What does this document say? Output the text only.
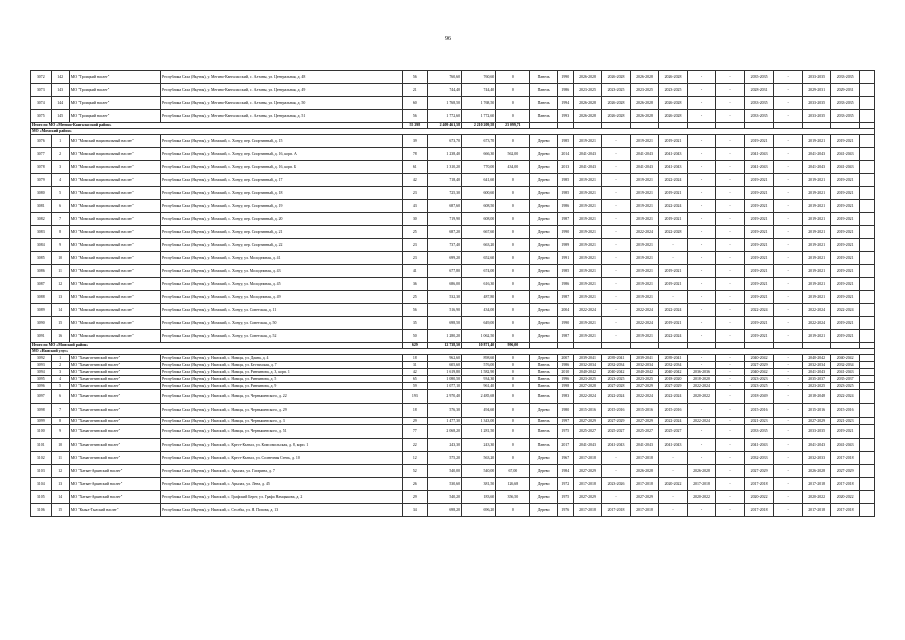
96
3072	142	МО "Троицкий наслег"	Республика Саха (Якутия), у. Мегино-Кангаласский, с. Алтаны, ул. Центральная, д. 48	56	760,60	760,60	0	Панель	1990	2026-2028	2026-2028	2026-2028	2026-2028	-	-	2035-2035	-	2033-2035	2033-2035	
3073	143	МО "Троицкий наслег"	Республика Саха (Якутия), у. Мегино-Кангаласский, с. Алтаны, ул. Центральная, д. 49	21	744,40	744,40	0	Панель	1986	2023-2025	2023-2025	2023-2025	2023-2025	-	-	2028-2031	-	2029-2031	2029-2031	
3074	144	МО "Троицкий наслег"	Республика Саха (Якутия), у. Мегино-Кангаласский, с. Алтаны, ул. Центральная, д. 50	60	1 768,50	1 768,50	0	Панель	1994	2026-2028	2026-2028	2026-2028	2026-2028	-	-	2033-2035	-	2033-2035	2033-2035	
3075	145	МО "Троицкий наслег"	Республика Саха (Якутия), у. Мегино-Кангаласский, с. Алтаны, ул. Центральная, д. 51	56	1 772,60	1 772,60	0	Панель	1993	2026-2028	2026-2028	2026-2028	2026-2028	-	-	2033-2035	-	2033-2035	2033-2035	
Итого по МО «Мегино-Кангаласский район»				55 298	2 409 461,58	2 210 209,58	23 099,71													
МО «Момский район»																				
3076	1	МО "Момский национальный наслег"	Республика Саха (Якутия), у. Момский, с. Хонуу, пер. Спортивный, д. 15	39	673,70	673,70	0	Дерево	1985	2019-2021	-	2019-2021	2019-2021	-	-	2019-2021	-	2019-2021	2019-2021	
3077	2	МО "Момский национальный наслег"	Республика Саха (Якутия), у. Момский, с. Хонуу, пер. Спортивный, д. 16, корп. А	78	1 238,40	666,30	562,00	Дерево	2014	2041-2043	-	2041-2043	2041-2043	-	-	2041-2043	-	2041-2043	2041-2043	
3078	3	МО "Момский национальный наслег"	Республика Саха (Якутия), у. Момский, с. Хонуу, пер. Спортивный, д. 16, корп. Б	61	1 310,20	770,00	434,00	Дерево	2013	2041-2043	-	2041-2043	2041-2043	-	-	2041-2043	-	2041-2043	2041-2043	
3079	4	МО "Момский национальный наслег"	Республика Саха (Якутия), у. Момский, с. Хонуу, пер. Спортивный, д. 17	42	718,40	641,60	0	Дерево	1985	2019-2021	-	2019-2021	2022-2024	-	-	2019-2021	-	2019-2021	2019-2021	
3080	5	МО "Момский национальный наслег"	Республика Саха (Якутия), у. Момский, с. Хонуу, пер. Спортивный, д. 18	23	725,30	600,60	0	Дерево	1985	2019-2021	-	2019-2021	2019-2021	-	-	2019-2021	-	2019-2021	2019-2021	
3081	6	МО "Момский национальный наслег"	Республика Саха (Якутия), у. Момский, с. Хонуу, пер. Спортивный, д. 19	43	687,60	608,50	0	Дерево	1986	2019-2021	-	2019-2021	2022-2024	-	-	2019-2021	-	2019-2021	2019-2021	
3082	7	МО "Момский национальный наслег"	Республика Саха (Якутия), у. Момский, с. Хонуу, пер. Спортивный, д. 20	30	719,90	608,00	0	Дерево	1987	2019-2021	-	2019-2021	2019-2021	-	-	2019-2021	-	2019-2021	2019-2021	
3083	8	МО "Момский национальный наслег"	Республика Саха (Якутия), у. Момский, с. Хонуу, пер. Спортивный, д. 21	25	687,20	667,60	0	Дерево	1990	2019-2021	-	2022-2024	2022-2028	-	-	2019-2021	-	2019-2021	2019-2021	
3084	9	МО "Момский национальный наслег"	Республика Саха (Якутия), у. Момский, с. Хонуу, пер. Спортивный, д. 22	23	737,40	663,20	0	Дерево	1989	2019-2021	-	2019-2021	-	-	-	2019-2021	-	2019-2021	2019-2021	
3085	10	МО "Момский национальный наслег"	Республика Саха (Якутия), у. Момский, с. Хонуу, ул. Молодежная, д. 41	23	699,20	652,60	0	Дерево	1991	2019-2021	-	2019-2021	-	-	-	2019-2021	-	2019-2021	2019-2021	
3086	11	МО "Момский национальный наслег"	Республика Саха (Якутия), у. Момский, с. Хонуу, ул. Молодежная, д. 43	41	677,80	674,00	0	Дерево	1985	2019-2021	-	2019-2021	2019-2021	-	-	2019-2021	-	2019-2021	2019-2021	
3087	12	МО "Момский национальный наслег"	Республика Саха (Якутия), у. Момский, с. Хонуу, ул. Молодежная, д. 45	36	686,00	616,30	0	Дерево	1986	2019-2021	-	2019-2021	2019-2021	-	-	2019-2021	-	2019-2021	2019-2021	
3088	13	МО "Момский национальный наслег"	Республика Саха (Якутия), у. Момский, с. Хонуу, ул. Молодежная, д. 49	25	532,30	487,80	0	Дерево	1987	2019-2021	-	2019-2021	-	-	-	2019-2021	-	2019-2021	2019-2021	
3089	14	МО "Момский национальный наслег"	Республика Саха (Якутия), у. Момский, с. Хонуу, ул. Советская, д. 11	56	516,90	434,00	0	Дерево	2004	2022-2024	-	2022-2024	2022-2024	-	-	2022-2024	-	2022-2024	2022-2024	
3090	15	МО "Момский национальный наслег"	Республика Саха (Якутия), у. Момский, с. Хонуу, ул. Советская, д. 50	35	698,50	649,00	0	Дерево	1990	2019-2021	-	2022-2024	2019-2021	-	-	2019-2021	-	2022-2024	2019-2021	
3091	16	МО "Момский национальный наслег"	Республика Саха (Якутия), у. Момский, с. Хонуу, ул. Советская, д. 52	50	1 280,20	1 062,50	0	Дерево	1987	2019-2021	-	2019-2021	2022-2024	-	-	2019-2021	-	2019-2021	2019-2021	
Итого по МО «Момский район»				629	12 738,50	10 871,40	996,00													
МО «Намский улус»																				
3092	1	МО "Хамагаттинский наслег"	Республика Саха (Якутия), у. Намский, с. Намцы, ул. Даяна, д. 4	18	962,60	898,60	0	Дерево	2007	2039-2041	2039-2041	2039-2041	2039-2041	-	-	2040-2042	-	2040-2042	2040-2042	
3093	2	МО "Хамагаттинский наслег"	Республика Саха (Якутия), у. Намский, с. Намцы, ул. Бестяхская, д. 7	31	605,60	576,00	0	Панель	1986	2032-2034	2032-2034	2032-2034	2032-2034	-	-	2027-2029	-	2032-2034	2032-2034	
3094	3	МО "Хамагаттинский наслег"	Республика Саха (Якутия), у. Намский, с. Намцы, ул. Ринчинова, д. 3, корп. 1	42	1 619,80	1 582,90	0	Панель	2010	2040-2042	2040-2042	2040-2042	2040-2042	2036-2036	-	2040-2042	-	2041-2043	2041-2043	
3095	4	МО "Хамагаттинский наслег"	Республика Саха (Якутия), у. Намский, с. Намцы, ул. Ринчинова, д. 5	65	1 080,50	934,30	0	Панель	1996	2023-2025	2023-2025	2023-2025	2018-2020	2018-2020	-	2023-2023	-	2035-2037	2035-2037	
3096	5	МО "Хамагаттинский наслег"	Республика Саха (Якутия), у. Намский, с. Намцы, ул. Ринчинова, д. 9	59	1 077,10	961,40	0	Панель	1998	2027-2028	2027-2028	2027-2029	2027-2029	2022-2024	-	2023-2025	-	2023-2025	2023-2025	
3097	6	МО "Хамагаттинский наслег"	Республика Саха (Якутия), у. Намский, с. Намцы, ул. Чернышевского, д. 22	193	2 970,40	2 485,68	0	Панель	1983	2022-2024	2022-2024	2022-2024	2022-2024	2020-2022	-	2018-2049	-	2018-2048	2022-2024	
3098	7	МО "Хамагаттинский наслег"	Республика Саха (Якутия), у. Намский, с. Намцы, ул. Чернышевского, д. 29	18	576,30	494,60	0	Дерево	1980	2015-2016	2015-2016	2015-2016	2015-2016	-	-	2015-2016	-	2015-2016	2015-2016	
3099	8	МО "Хамагаттинский наслег"	Республика Саха (Якутия), у. Намский, с. Намцы, ул. Чернышевского, д. 3	29	1 477,30	1 343,00	0	Панель	1997	2027-2029	2027-2029	2027-2029	2022-2024	2022-2024	-	2021-2023	-	2027-2029	2021-2023	
3100	9	МО "Хамагаттинский наслег"	Республика Саха (Якутия), у. Намский, с. Намцы, ул. Чернышевского, д. 51	77	2 068,20	1 281,50	0	Панель	1975	2025-2027	2025-2027	2025-2027	2025-2027	-	-	2033-2035	-	2033-2035	2019-2021	
3101	10	МО "Хамагаттинский наслег"	Республика Саха (Якутия), у. Намский, с. Крест-Кытыл, ул. Комсомольская, д. 8, корп. 1	22	243,30	243,30	0	Панель	2017	2041-2043	2041-2043	2041-2043	2041-2043	-	-	2041-2043	-	2041-2043	2041-2043	
3102	11	МО "Хамагаттинский наслег"	Республика Саха (Якутия), у. Намский, с. Крест-Кытыл, ул. Солнечная Степь, д. 10	12	575,20	563,20	0	Дерево	1967	2017-2018	-	2017-2018	-	-	-	2032-2033	-	2032-2033	2017-2018	
3103	12	МО "Хатын-Арынский наслег"	Республика Саха (Якутия), у. Намский, с. Арылах, ул. Гагарина, д. 7	52	540,00	540,00	67,00	Дерево	1984	2027-2029	-	2026-2028	-	2026-2028	-	2027-2029	-	2026-2028	2027-2029	
3104	13	МО "Хатын-Арынский наслег"	Республика Саха (Якутия), у. Намский, с. Арылах, ул. Лена, д. 45	26	530,60	381,50	126,68	Дерево	1972	2017-2018	2023-2026	2017-2018	2020-2022	2017-2018	-	2017-2018	-	2017-2018	2017-2018	
3105	14	МО "Хатын-Арынский наслег"	Республика Саха (Якутия), у. Намский, с. Графский Берег, ул. Графа Намцыкова, д. 2	29	540,20	183,60	356,50	Дерево	1975	2027-2029	-	2027-2029	-	2020-2022	-	2020-2022	-	2020-2022	2020-2022	
3106	15	МО "Кыыл-Тылский наслег"	Республика Саха (Якутия), у. Намский, с. Столбы, ул. Я. Попова, д. 13	34	698,20	696,20	0	Дерево	1976	2017-2018	2017-2018	2017-2018	-	-	-	2017-2018	-	2017-2018	2017-2018	
